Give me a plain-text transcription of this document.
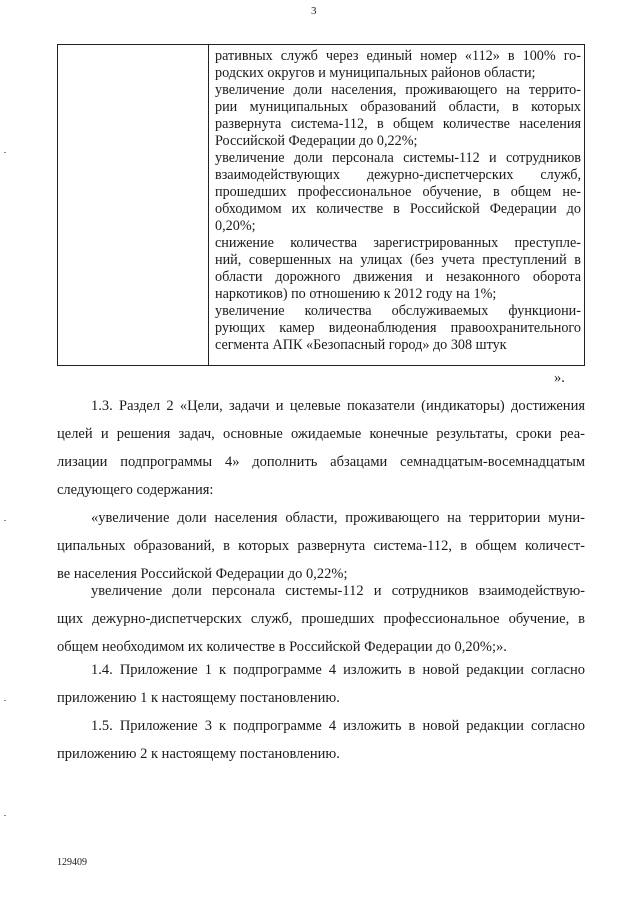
3
ративных служб через единый номер «112» в 100% го-
родских округов и муниципальных районов области;
увеличение доли населения, проживающего на террито-
рии муниципальных образований области, в которых
развернута система-112, в общем количестве населения
Российской Федерации до 0,22%;
увеличение доли персонала системы-112 и сотрудников
взаимодействующих дежурно-диспетчерских служб,
прошедших профессиональное обучение, в общем не-
обходимом их количестве в Российской Федерации до
0,20%;
снижение количества зарегистрированных преступле-
ний, совершенных на улицах (без учета преступлений в
области дорожного движения и незаконного оборота
наркотиков) по отношению к 2012 году на 1%;
увеличение количества обслуживаемых функциони-
рующих камер видеонаблюдения правоохранительного
сегмента АПК «Безопасный город» до 308 штук
».
1.3. Раздел 2 «Цели, задачи и целевые показатели (индикаторы) достижения
целей и решения задач, основные ожидаемые конечные результаты, сроки реа-
лизации подпрограммы 4» дополнить абзацами семнадцатым-восемнадцатым
следующего содержания:
«увеличение доли населения области, проживающего на территории муни-
ципальных образований, в которых развернута система-112, в общем количест-
ве населения Российской Федерации до 0,22%;
увеличение доли персонала системы-112 и сотрудников взаимодействую-
щих дежурно-диспетчерских служб, прошедших профессиональное обучение, в
общем необходимом их количестве в Российской Федерации до 0,20%;».
1.4. Приложение 1 к подпрограмме 4 изложить в новой редакции согласно
приложению 1 к настоящему постановлению.
1.5. Приложение 3 к подпрограмме 4 изложить в новой редакции согласно
приложению 2 к настоящему постановлению.
129409
